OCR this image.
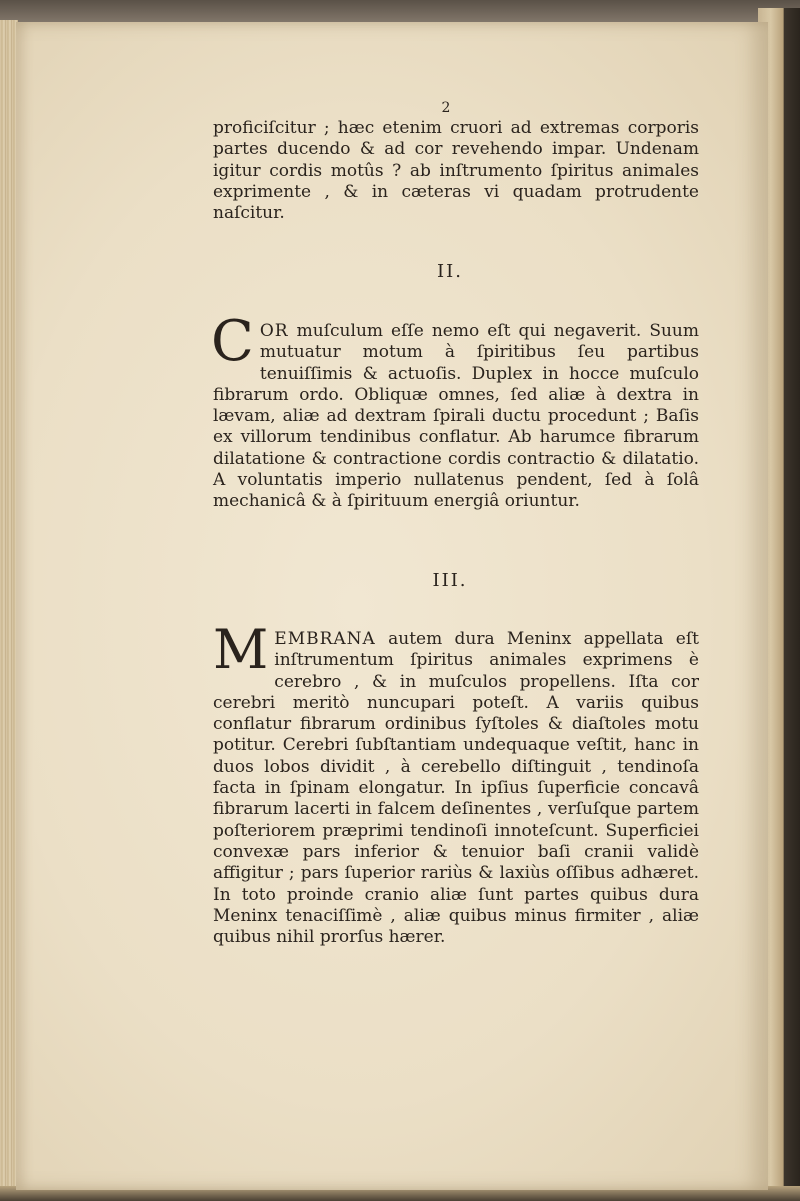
2

proficiſcitur ; hæc etenim cruori ad extremas corporis partes ducendo & ad cor revehendo impar. Undenam igitur cordis motûs ? ab inſtrumento ſpiritus animales exprimente , & in cæteras vi quadam protrudente naſcitur.

II.

C OR muſculum eſſe nemo eſt qui negaverit. Suum mutuatur motum à ſpiritibus ſeu partibus tenuiſſimis & actuoſis. Duplex in hocce muſculo fibrarum ordo. Obliquæ omnes, ſed aliæ à dextra in lævam, aliæ ad dextram ſpirali ductu procedunt ; Baſis ex villorum tendinibus conflatur. Ab harumce fibrarum dilatatione & contractione cordis contractio & dilatatio. A voluntatis imperio nullatenus pendent, ſed à ſolâ mechanicâ & à ſpirituum energiâ oriuntur.

III.

M EMBRANA autem dura Meninx appellata eſt inſtrumentum ſpiritus animales exprimens è cerebro , & in muſculos propellens. Iſta cor cerebri meritò nuncupari poteſt. A variis quibus conflatur fibrarum ordinibus ſyſtoles & diaſtoles motu potitur. Cerebri ſubſtantiam undequaque veſtit, hanc in duos lobos dividit , à cerebello diſtinguit , tendinoſa facta in ſpinam elongatur. In ipſius ſuperficie concavâ fibrarum lacerti in falcem deſinentes , verſuſque partem poſteriorem præprimi tendinoſi innoteſcunt. Superficiei convexæ pars inferior & tenuior baſi cranii validè affigitur ; pars ſuperior rariùs & laxiùs oſſibus adhæret. In toto proinde cranio aliæ ſunt partes quibus dura Meninx tenaciſſimè , aliæ quibus minus firmiter , aliæ quibus nihil prorſus hærer.
